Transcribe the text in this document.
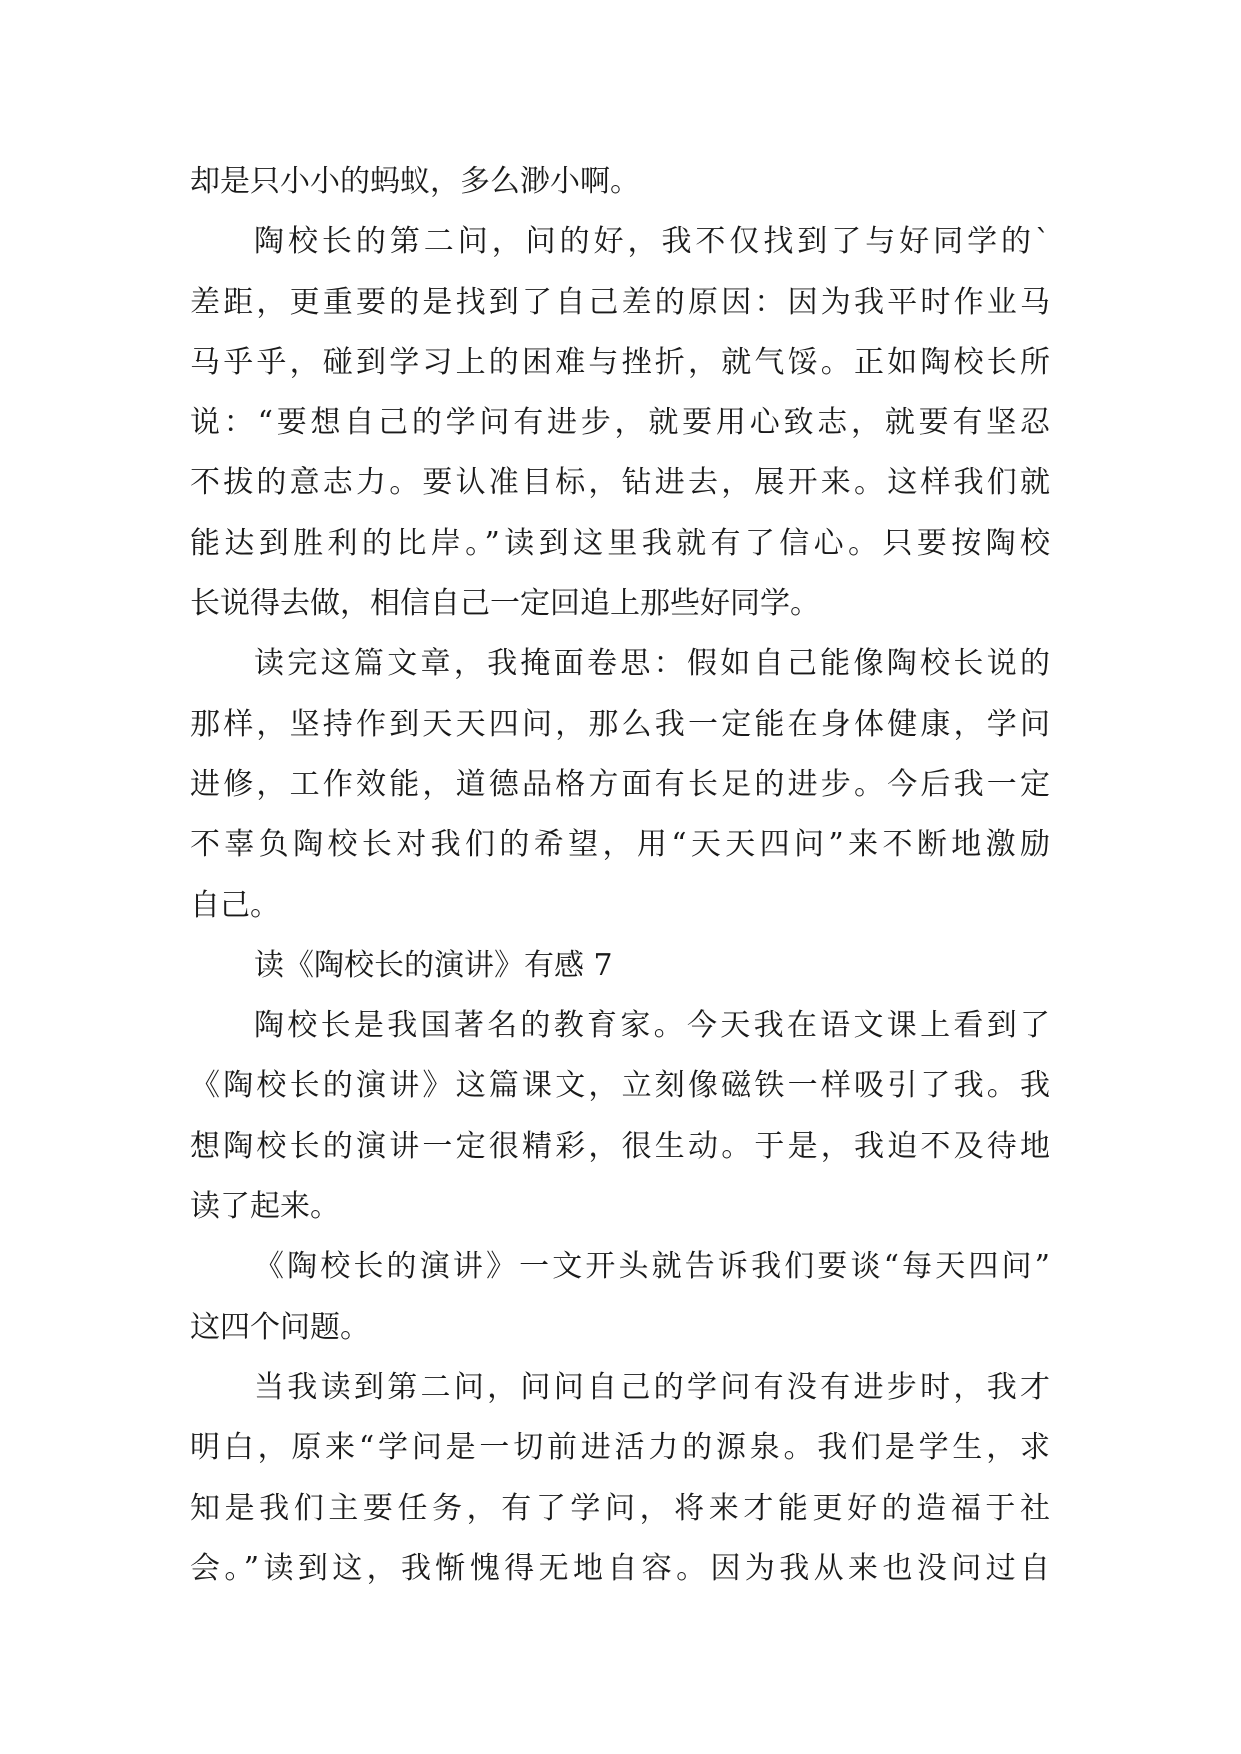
却是只小小的蚂蚁，多么渺小啊。
陶校长的第二问，问的好，我不仅找到了与好同学的`
差距，更重要的是找到了自己差的原因：因为我平时作业马
马乎乎，碰到学习上的困难与挫折，就气馁。正如陶校长所
说：“要想自己的学问有进步，就要用心致志，就要有坚忍
不拔的意志力。要认准目标，钻进去，展开来。这样我们就
能达到胜利的比岸。”读到这里我就有了信心。只要按陶校
长说得去做，相信自己一定回追上那些好同学。
读完这篇文章，我掩面卷思：假如自己能像陶校长说的
那样，坚持作到天天四问，那么我一定能在身体健康，学问
进修，工作效能，道德品格方面有长足的进步。今后我一定
不辜负陶校长对我们的希望，用“天天四问”来不断地激励
自己。
读《陶校长的演讲》有感 7
陶校长是我国著名的教育家。今天我在语文课上看到了
《陶校长的演讲》这篇课文，立刻像磁铁一样吸引了我。我
想陶校长的演讲一定很精彩，很生动。于是，我迫不及待地
读了起来。
《陶校长的演讲》一文开头就告诉我们要谈“每天四问”
这四个问题。
当我读到第二问，问问自己的学问有没有进步时，我才
明白，原来“学问是一切前进活力的源泉。我们是学生，求
知是我们主要任务，有了学问，将来才能更好的造福于社
会。”读到这，我惭愧得无地自容。因为我从来也没问过自
